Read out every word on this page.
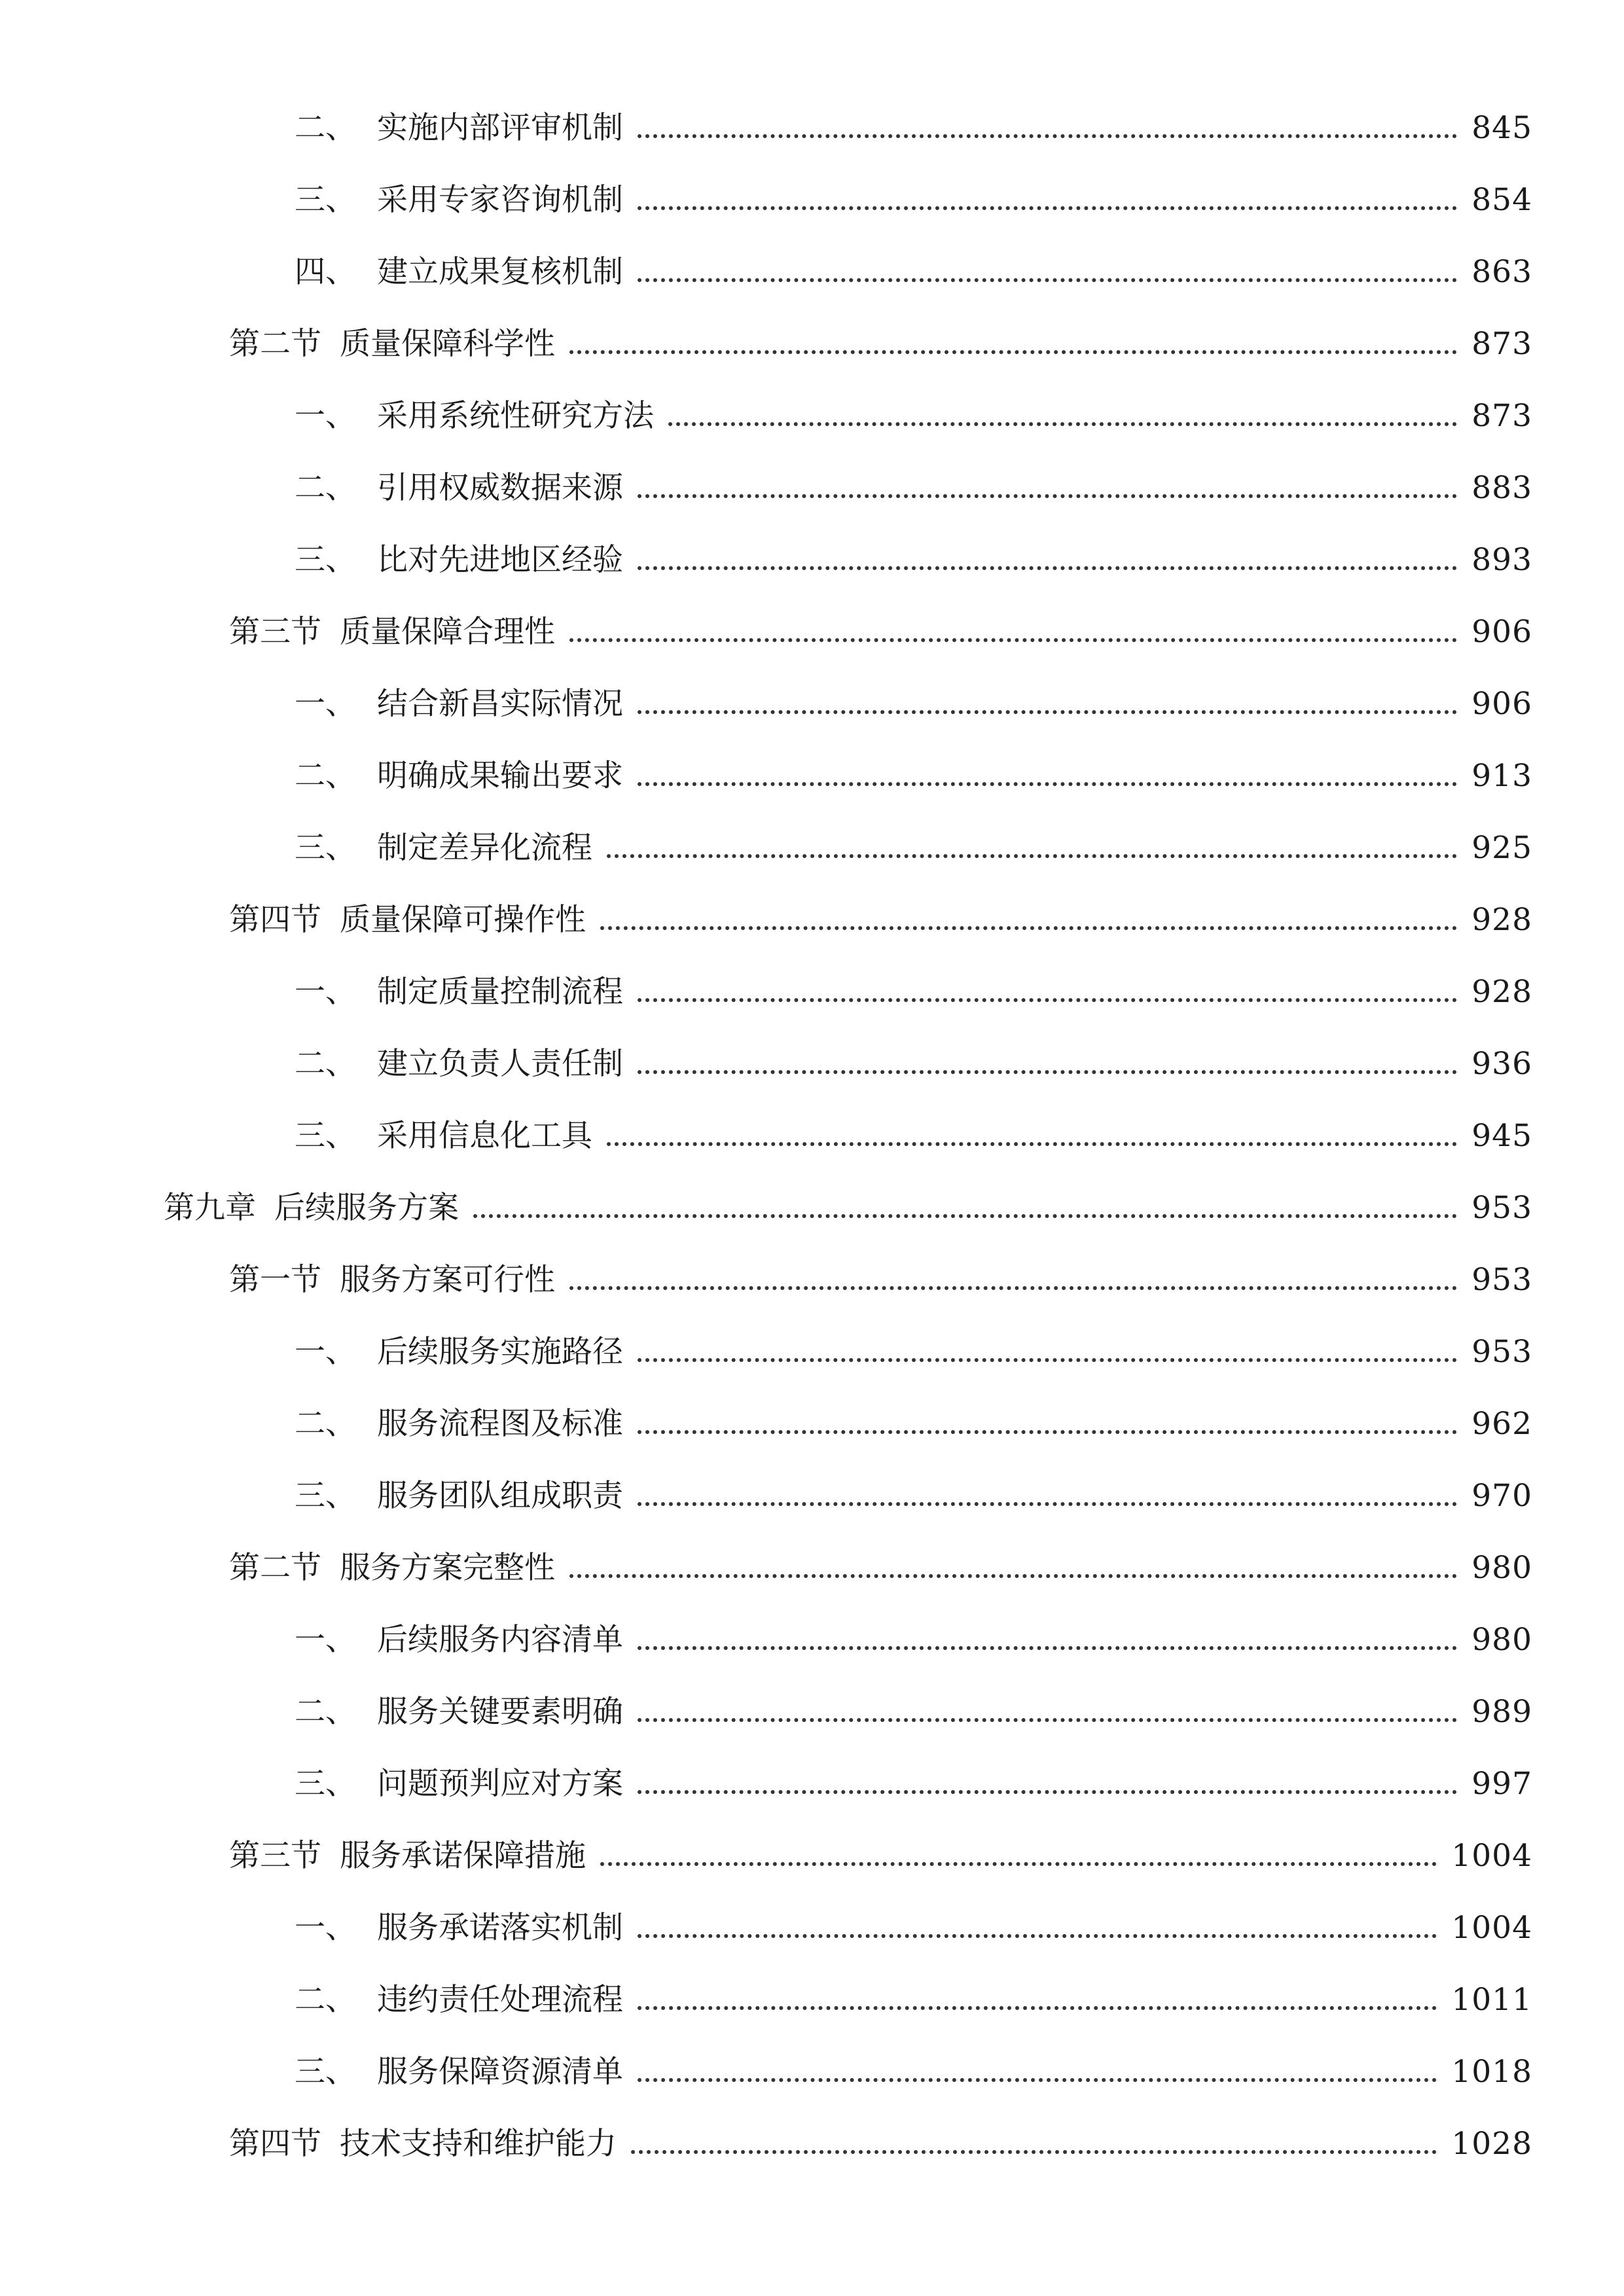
二、 实施内部评审机制	845
三、 采用专家咨询机制	854
四、 建立成果复核机制	863
第二节 质量保障科学性	873
一、 采用系统性研究方法	873
二、 引用权威数据来源	883
三、 比对先进地区经验	893
第三节 质量保障合理性	906
一、 结合新昌实际情况	906
二、 明确成果输出要求	913
三、 制定差异化流程	925
第四节 质量保障可操作性	928
一、 制定质量控制流程	928
二、 建立负责人责任制	936
三、 采用信息化工具	945
第九章 后续服务方案	953
第一节 服务方案可行性	953
一、 后续服务实施路径	953
二、 服务流程图及标准	962
三、 服务团队组成职责	970
第二节 服务方案完整性	980
一、 后续服务内容清单	980
二、 服务关键要素明确	989
三、 问题预判应对方案	997
第三节 服务承诺保障措施	1004
一、 服务承诺落实机制	1004
二、 违约责任处理流程	1011
三、 服务保障资源清单	1018
第四节 技术支持和维护能力	1028
